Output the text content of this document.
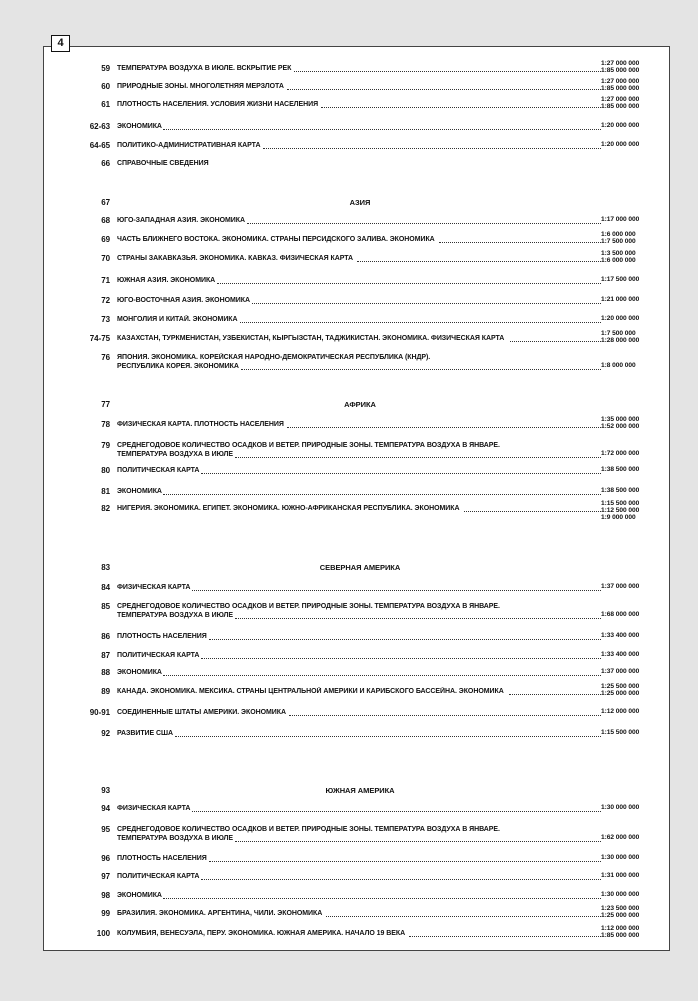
4
59 ТЕМПЕРАТУРА ВОЗДУХА В ИЮЛЕ. ВСКРЫТИЕ РЕК
1:27 000 000
1:85 000 000
60 ПРИРОДНЫЕ ЗОНЫ. МНОГОЛЕТНЯЯ МЕРЗЛОТА
1:27 000 000
1:85 000 000
61 ПЛОТНОСТЬ НАСЕЛЕНИЯ. УСЛОВИЯ ЖИЗНИ НАСЕЛЕНИЯ
1:27 000 000
1:85 000 000
62-63 ЭКОНОМИКА	1:20 000 000
64-65 ПОЛИТИКО-АДМИНИСТРАТИВНАЯ КАРТА	1:20 000 000
66 СПРАВОЧНЫЕ СВЕДЕНИЯ
67	АЗИЯ
68 ЮГО-ЗАПАДНАЯ АЗИЯ. ЭКОНОМИКА	1:17 000 000
69 ЧАСТЬ БЛИЖНЕГО ВОСТОКА. ЭКОНОМИКА. СТРАНЫ ПЕРСИДСКОГО ЗАЛИВА. ЭКОНОМИКА
1:6 000 000
1:7 500 000
70 СТРАНЫ ЗАКАВКАЗЬЯ. ЭКОНОМИКА. КАВКАЗ. ФИЗИЧЕСКАЯ КАРТА
1:3 500 000
1:6 000 000
71 ЮЖНАЯ АЗИЯ. ЭКОНОМИКА	1:17 500 000
72 ЮГО-ВОСТОЧНАЯ АЗИЯ. ЭКОНОМИКА	1:21 000 000
73 МОНГОЛИЯ И КИТАЙ. ЭКОНОМИКА	1:20 000 000
74-75 КАЗАХСТАН, ТУРКМЕНИСТАН, УЗБЕКИСТАН, КЫРГЫЗСТАН, ТАДЖИКИСТАН. ЭКОНОМИКА. ФИЗИЧЕСКАЯ КАРТА
1:7 500 000
1:28 000 000
76 ЯПОНИЯ. ЭКОНОМИКА. КОРЕЙСКАЯ НАРОДНО-ДЕМОКРАТИЧЕСКАЯ РЕСПУБЛИКА (КНДР).
РЕСПУБЛИКА КОРЕЯ. ЭКОНОМИКА	1:8 000 000
77	АФРИКА
78 ФИЗИЧЕСКАЯ КАРТА. ПЛОТНОСТЬ НАСЕЛЕНИЯ
1:35 000 000
1:52 000 000
79 СРЕДНЕГОДОВОЕ КОЛИЧЕСТВО ОСАДКОВ И ВЕТЕР. ПРИРОДНЫЕ ЗОНЫ. ТЕМПЕРАТУРА ВОЗДУХА В ЯНВАРЕ.
ТЕМПЕРАТУРА ВОЗДУХА В ИЮЛЕ	1:72 000 000
80 ПОЛИТИЧЕСКАЯ КАРТА	1:38 500 000
81 ЭКОНОМИКА	1:38 500 000
82 НИГЕРИЯ. ЭКОНОМИКА. ЕГИПЕТ. ЭКОНОМИКА. ЮЖНО-АФРИКАНСКАЯ РЕСПУБЛИКА. ЭКОНОМИКА
1:15 500 000
1:12 500 000
1:9 000 000
83	СЕВЕРНАЯ АМЕРИКА
84 ФИЗИЧЕСКАЯ КАРТА	1:37 000 000
85 СРЕДНЕГОДОВОЕ КОЛИЧЕСТВО ОСАДКОВ И ВЕТЕР. ПРИРОДНЫЕ ЗОНЫ. ТЕМПЕРАТУРА ВОЗДУХА В ЯНВАРЕ.
ТЕМПЕРАТУРА ВОЗДУХА В ИЮЛЕ	1:68 000 000
86 ПЛОТНОСТЬ НАСЕЛЕНИЯ	1:33 400 000
87 ПОЛИТИЧЕСКАЯ КАРТА	1:33 400 000
88 ЭКОНОМИКА	1:37 000 000
89 КАНАДА. ЭКОНОМИКА. МЕКСИКА. СТРАНЫ ЦЕНТРАЛЬНОЙ АМЕРИКИ И КАРИБСКОГО БАССЕЙНА. ЭКОНОМИКА
1:25 500 000
1:25 000 000
90-91 СОЕДИНЕННЫЕ ШТАТЫ АМЕРИКИ. ЭКОНОМИКА	1:12 000 000
92 РАЗВИТИЕ США	1:15 500 000
93	ЮЖНАЯ АМЕРИКА
94 ФИЗИЧЕСКАЯ КАРТА	1:30 000 000
95 СРЕДНЕГОДОВОЕ КОЛИЧЕСТВО ОСАДКОВ И ВЕТЕР. ПРИРОДНЫЕ ЗОНЫ. ТЕМПЕРАТУРА ВОЗДУХА В ЯНВАРЕ.
ТЕМПЕРАТУРА ВОЗДУХА В ИЮЛЕ	1:62 000 000
96 ПЛОТНОСТЬ НАСЕЛЕНИЯ	1:30 000 000
97 ПОЛИТИЧЕСКАЯ КАРТА	1:31 000 000
98 ЭКОНОМИКА	1:30 000 000
99 БРАЗИЛИЯ. ЭКОНОМИКА. АРГЕНТИНА, ЧИЛИ. ЭКОНОМИКА
1:23 500 000
1:25 000 000
100 КОЛУМБИЯ, ВЕНЕСУЭЛА, ПЕРУ. ЭКОНОМИКА. ЮЖНАЯ АМЕРИКА. НАЧАЛО 19 ВЕКА
1:12 000 000
1:85 000 000
